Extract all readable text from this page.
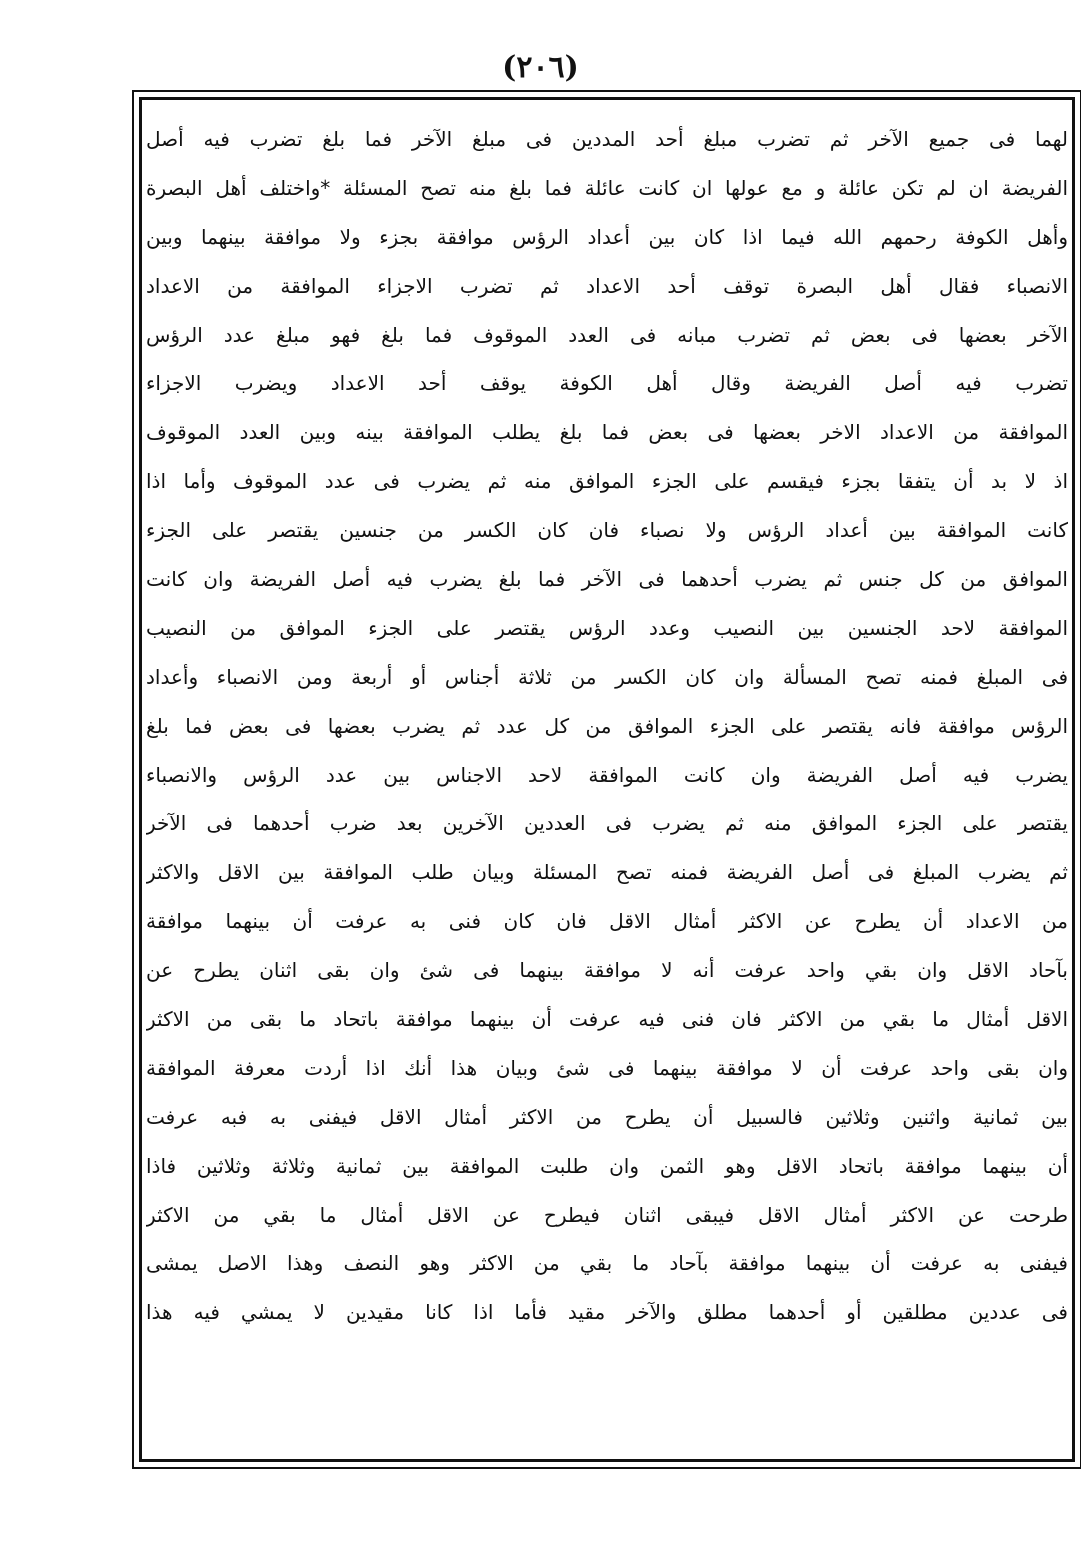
(٢٠٦)
لهما فى جميع الآخر ثم تضرب مبلغ أحد المددين فى مبلغ الآخر فما بلغ تضرب فيه أصل
الفريضة ان لم تكن عائلة و مع عولها ان كانت عائلة فما بلغ منه تصح المسئلة *واختلف أهل البصرة
وأهل الكوفة رحمهم الله فيما اذا كان بين أعداد الرؤس موافقة بجزء ولا موافقة بينهما وبين
الانصباء فقال أهل البصرة توقف أحد الاعداد ثم تضرب الاجزاء الموافقة من الاعداد
الآخر بعضها فى بعض ثم تضرب مبانه فى العدد الموقوف فما بلغ فهو مبلغ عدد الرؤس
تضرب فيه أصل الفريضة وقال أهل الكوفة يوقف أحد الاعداد ويضرب الاجزاء
الموافقة من الاعداد الاخر بعضها فى بعض فما بلغ يطلب الموافقة بينه وبين العدد الموقوف
اذ لا بد أن يتفقا بجزء فيقسم على الجزء الموافق منه ثم يضرب فى عدد الموقوف وأما اذا
كانت الموافقة بين أعداد الرؤس ولا نصباء فان كان الكسر من جنسين يقتصر على الجزء
الموافق من كل جنس ثم يضرب أحدهما فى الآخر فما بلغ يضرب فيه أصل الفريضة وان كانت
الموافقة لاحد الجنسين بين النصيب وعدد الرؤس يقتصر على الجزء الموافق من النصيب
فى المبلغ فمنه تصح المسألة وان كان الكسر من ثلاثة أجناس أو أربعة ومن الانصباء وأعداد
الرؤس موافقة فانه يقتصر على الجزء الموافق من كل عدد ثم يضرب بعضها فى بعض فما بلغ
يضرب فيه أصل الفريضة وان كانت الموافقة لاحد الاجناس بين عدد الرؤس والانصباء
يقتصر على الجزء الموافق منه ثم يضرب فى العددين الآخرين بعد ضرب أحدهما فى الآخر
ثم يضرب المبلغ فى أصل الفريضة فمنه تصح المسئلة وبيان طلب الموافقة بين الاقل والاكثر
من الاعداد أن يطرح عن الاكثر أمثال الاقل فان كان فنى به عرفت أن بينهما موافقة
بآحاد الاقل وان بقي واحد عرفت أنه لا موافقة بينهما فى شئ وان بقى اثنان يطرح عن
الاقل أمثال ما بقي من الاكثر فان فنى فيه عرفت أن بينهما موافقة باتحاد ما بقى من الاكثر
وان بقى واحد عرفت أن لا موافقة بينهما فى شئ وبيان هذا أنك اذا أردت معرفة الموافقة
بين ثمانية واثنين وثلاثين فالسبيل أن يطرح من الاكثر أمثال الاقل فيفنى به فبه عرفت
أن بينهما موافقة باتحاد الاقل وهو الثمن وان طلبت الموافقة بين ثمانية وثلاثة وثلاثين فاذا
طرحت عن الاكثر أمثال الاقل فيبقى اثنان فيطرح عن الاقل أمثال ما بقي من الاكثر
فيفنى به عرفت أن بينهما موافقة بآحاد ما بقي من الاكثر وهو النصف وهذا الاصل يمشى
فى عددين مطلقين أو أحدهما مطلق والآخر مقيد فأما اذا كانا مقيدين لا يمشي فيه هذا
